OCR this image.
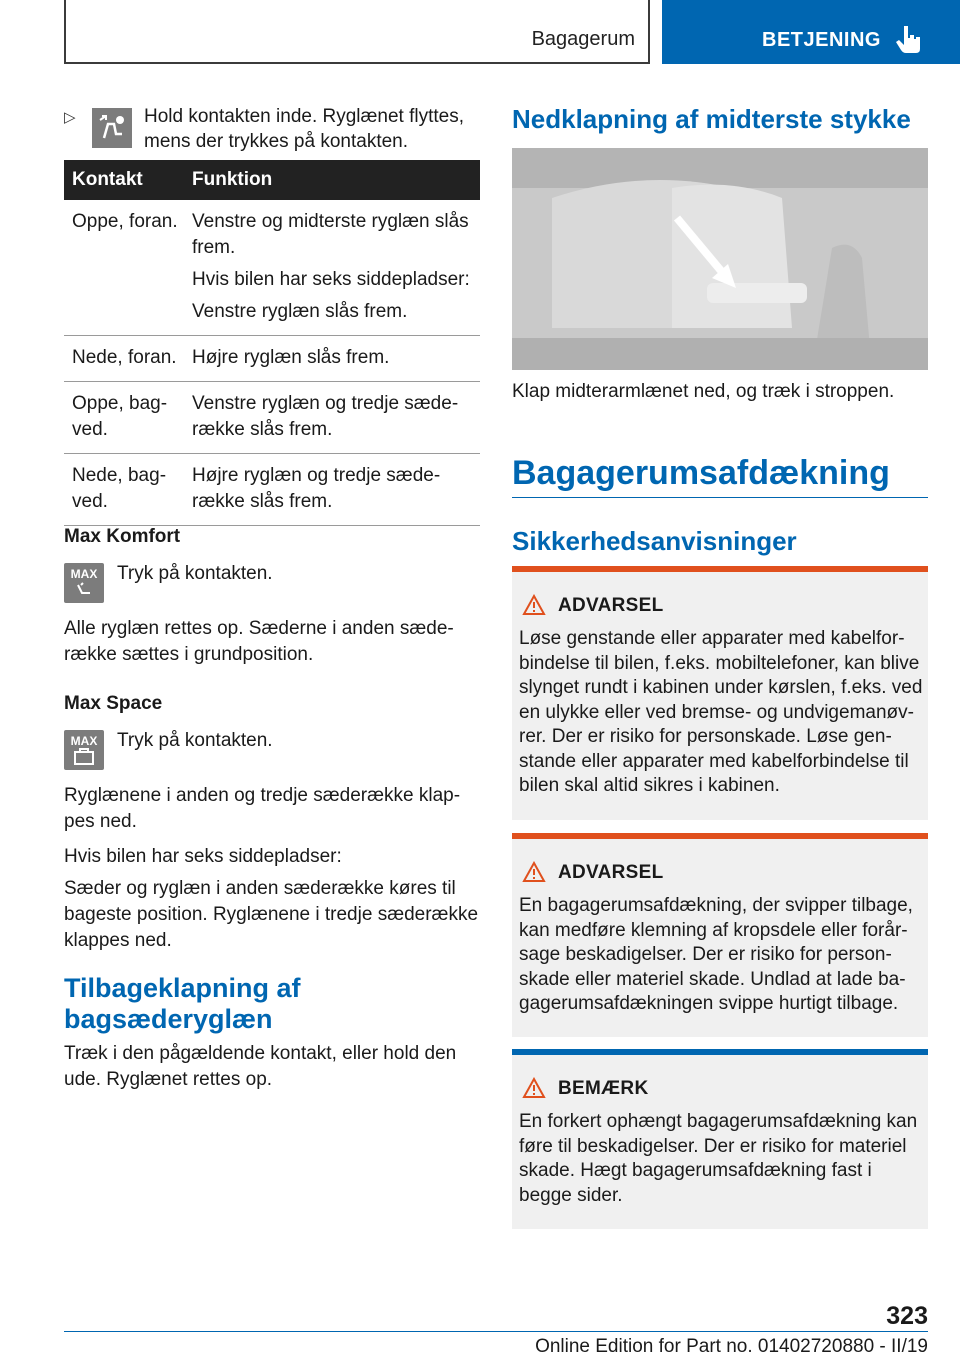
Bagagerum	BETJENING
▷	Hold kontakten inde. Ryglænet flyttes, mens der trykkes på kontakten.
Kontakt	Funktion
Oppe, foran.	Venstre og midterste ryglæn slås frem.

Hvis bilen har seks siddepladser:

Venstre ryglæn slås frem.

Nede, foran.	Højre ryglæn slås frem.
Oppe, bagved.	Venstre ryglæn og tredje sæderække slås frem.
Nede, bagved.	Højre ryglæn og tredje sæderække slås frem.
Max Komfort
MAX Tryk på kontakten.
Alle ryglæn rettes op. Sæderne i anden sæderække sættes i grundposition.
Max Space
MAX Tryk på kontakten.
Ryglænene i anden og tredje sæderække klappes ned.
Hvis bilen har seks siddepladser:
Sæder og ryglæn i anden sæderække køres til bageste position. Ryglænene i tredje sæderække klappes ned.
Tilbageklapning af bagsæderyglæn
Træk i den pågældende kontakt, eller hold den ude. Ryglænet rettes op.
Nedklapning af midterste stykke
Klap midterarmlænet ned, og træk i stroppen.
Bagagerumsafdækning
Sikkerhedsanvisninger
ADVARSEL
Løse genstande eller apparater med kabelforbindelse til bilen, f.eks. mobiltelefoner, kan blive slynget rundt i kabinen under kørslen, f.eks. ved en ulykke eller ved bremse- og undvigemanøvrer. Der er risiko for personskade. Løse genstande eller apparater med kabelforbindelse til bilen skal altid sikres i kabinen.
ADVARSEL
En bagagerumsafdækning, der svipper tilbage, kan medføre klemning af kropsdele eller forårsage beskadigelser. Der er risiko for personskade eller materiel skade. Undlad at lade bagagerumsafdækningen svippe hurtigt tilbage.
BEMÆRK
En forkert ophængt bagagerumsafdækning kan føre til beskadigelser. Der er risiko for materiel skade. Hægt bagagerumsafdækning fast i begge sider.
323
Online Edition for Part no. 01402720880 - II/19
